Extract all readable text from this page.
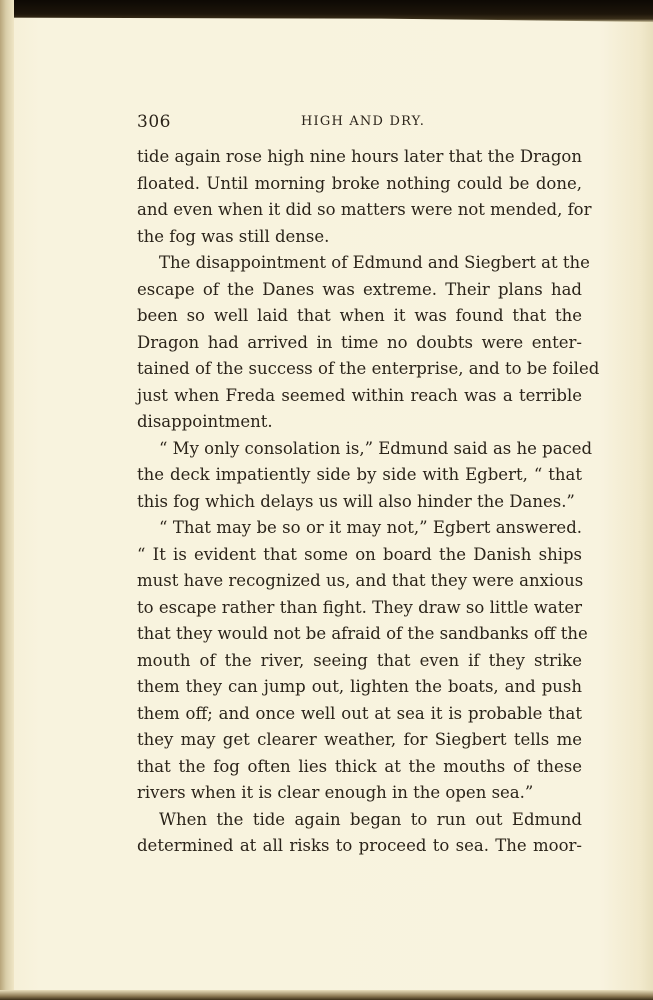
306	HIGH AND DRY.
tide again rose high nine hours later that the Dragon
floated. Until morning broke nothing could be done,
and even when it did so matters were not mended, for
the fog was still dense.
The disappointment of Edmund and Siegbert at the
escape of the Danes was extreme. Their plans had
been so well laid that when it was found that the
Dragon had arrived in time no doubts were enter-
tained of the success of the enterprise, and to be foiled
just when Freda seemed within reach was a terrible
disappointment.
“ My only consolation is,” Edmund said as he paced
the deck impatiently side by side with Egbert, “ that
this fog which delays us will also hinder the Danes.”
“ That may be so or it may not,” Egbert answered.
“ It is evident that some on board the Danish ships
must have recognized us, and that they were anxious
to escape rather than fight. They draw so little water
that they would not be afraid of the sandbanks off the
mouth of the river, seeing that even if they strike
them they can jump out, lighten the boats, and push
them off; and once well out at sea it is probable that
they may get clearer weather, for Siegbert tells me
that the fog often lies thick at the mouths of these
rivers when it is clear enough in the open sea.”
When the tide again began to run out Edmund
determined at all risks to proceed to sea. The moor-
